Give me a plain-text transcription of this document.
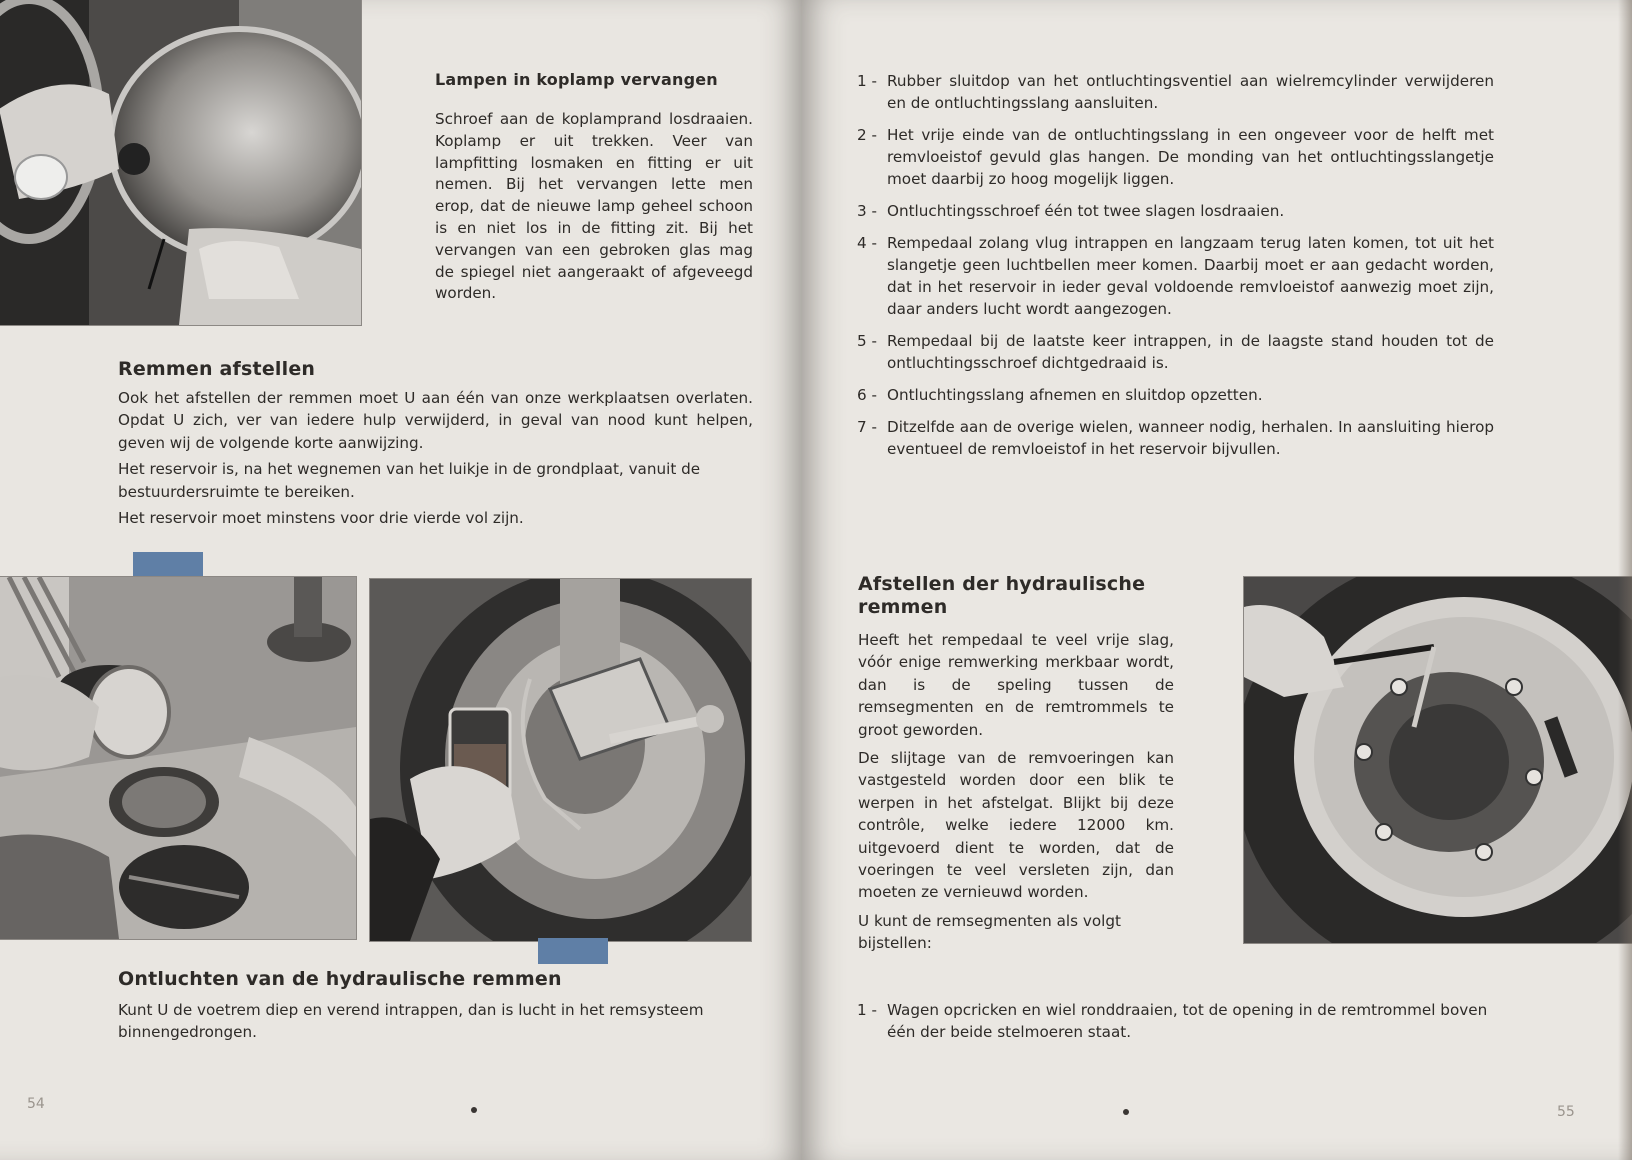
Lampen in koplamp vervangen

Schroef aan de koplamprand losdraaien. Koplamp er uit trekken. Veer van lampfitting losmaken en fitting er uit nemen. Bij het vervangen lette men erop, dat de nieuwe lamp geheel schoon is en niet los in de fitting zit. Bij het vervangen van een gebroken glas mag de spiegel niet aangeraakt of afgeveegd worden.

Remmen afstellen

Ook het afstellen der remmen moet U aan één van onze werkplaatsen overlaten. Opdat U zich, ver van iedere hulp verwijderd, in geval van nood kunt helpen, geven wij de volgende korte aanwijzing.

Het reservoir is, na het wegnemen van het luikje in de grondplaat, vanuit de bestuurdersruimte te bereiken.

Het reservoir moet minstens voor drie vierde vol zijn.

Ontluchten van de hydraulische remmen

Kunt U de voetrem diep en verend intrappen, dan is lucht in het remsysteem binnengedrongen.

54
1 - Rubber sluitdop van het ontluchtingsventiel aan wielremcylinder verwijderen en de ontluchtingsslang aansluiten.
2 - Het vrije einde van de ontluchtingsslang in een ongeveer voor de helft met remvloeistof gevuld glas hangen. De monding van het ontluchtingsslangetje moet daarbij zo hoog mogelijk liggen.
3 - Ontluchtingsschroef één tot twee slagen losdraaien.
4 - Rempedaal zolang vlug intrappen en langzaam terug laten komen, tot uit het slangetje geen luchtbellen meer komen. Daarbij moet er aan gedacht worden, dat in het reservoir in ieder geval voldoende remvloeistof aanwezig moet zijn, daar anders lucht wordt aangezogen.
5 - Rempedaal bij de laatste keer intrappen, in de laagste stand houden tot de ontluchtingsschroef dichtgedraaid is.
6 - Ontluchtingsslang afnemen en sluitdop opzetten.
7 - Ditzelfde aan de overige wielen, wanneer nodig, herhalen. In aansluiting hierop eventueel de remvloeistof in het reservoir bijvullen.
Afstellen der hydraulische remmen

Heeft het rempedaal te veel vrije slag, vóór enige remwerking merkbaar wordt, dan is de speling tussen de remsegmenten en de remtrommels te groot geworden.

De slijtage van de remvoeringen kan vastgesteld worden door een blik te werpen in het afstelgat. Blijkt bij deze contrôle, welke iedere 12000 km. uitgevoerd dient te worden, dat de voeringen te veel versleten zijn, dan moeten ze vernieuwd worden.

U kunt de remsegmenten als volgt bijstellen:

1 - Wagen opcricken en wiel ronddraaien, tot de opening in de remtrommel boven één der beide stelmoeren staat.
55
